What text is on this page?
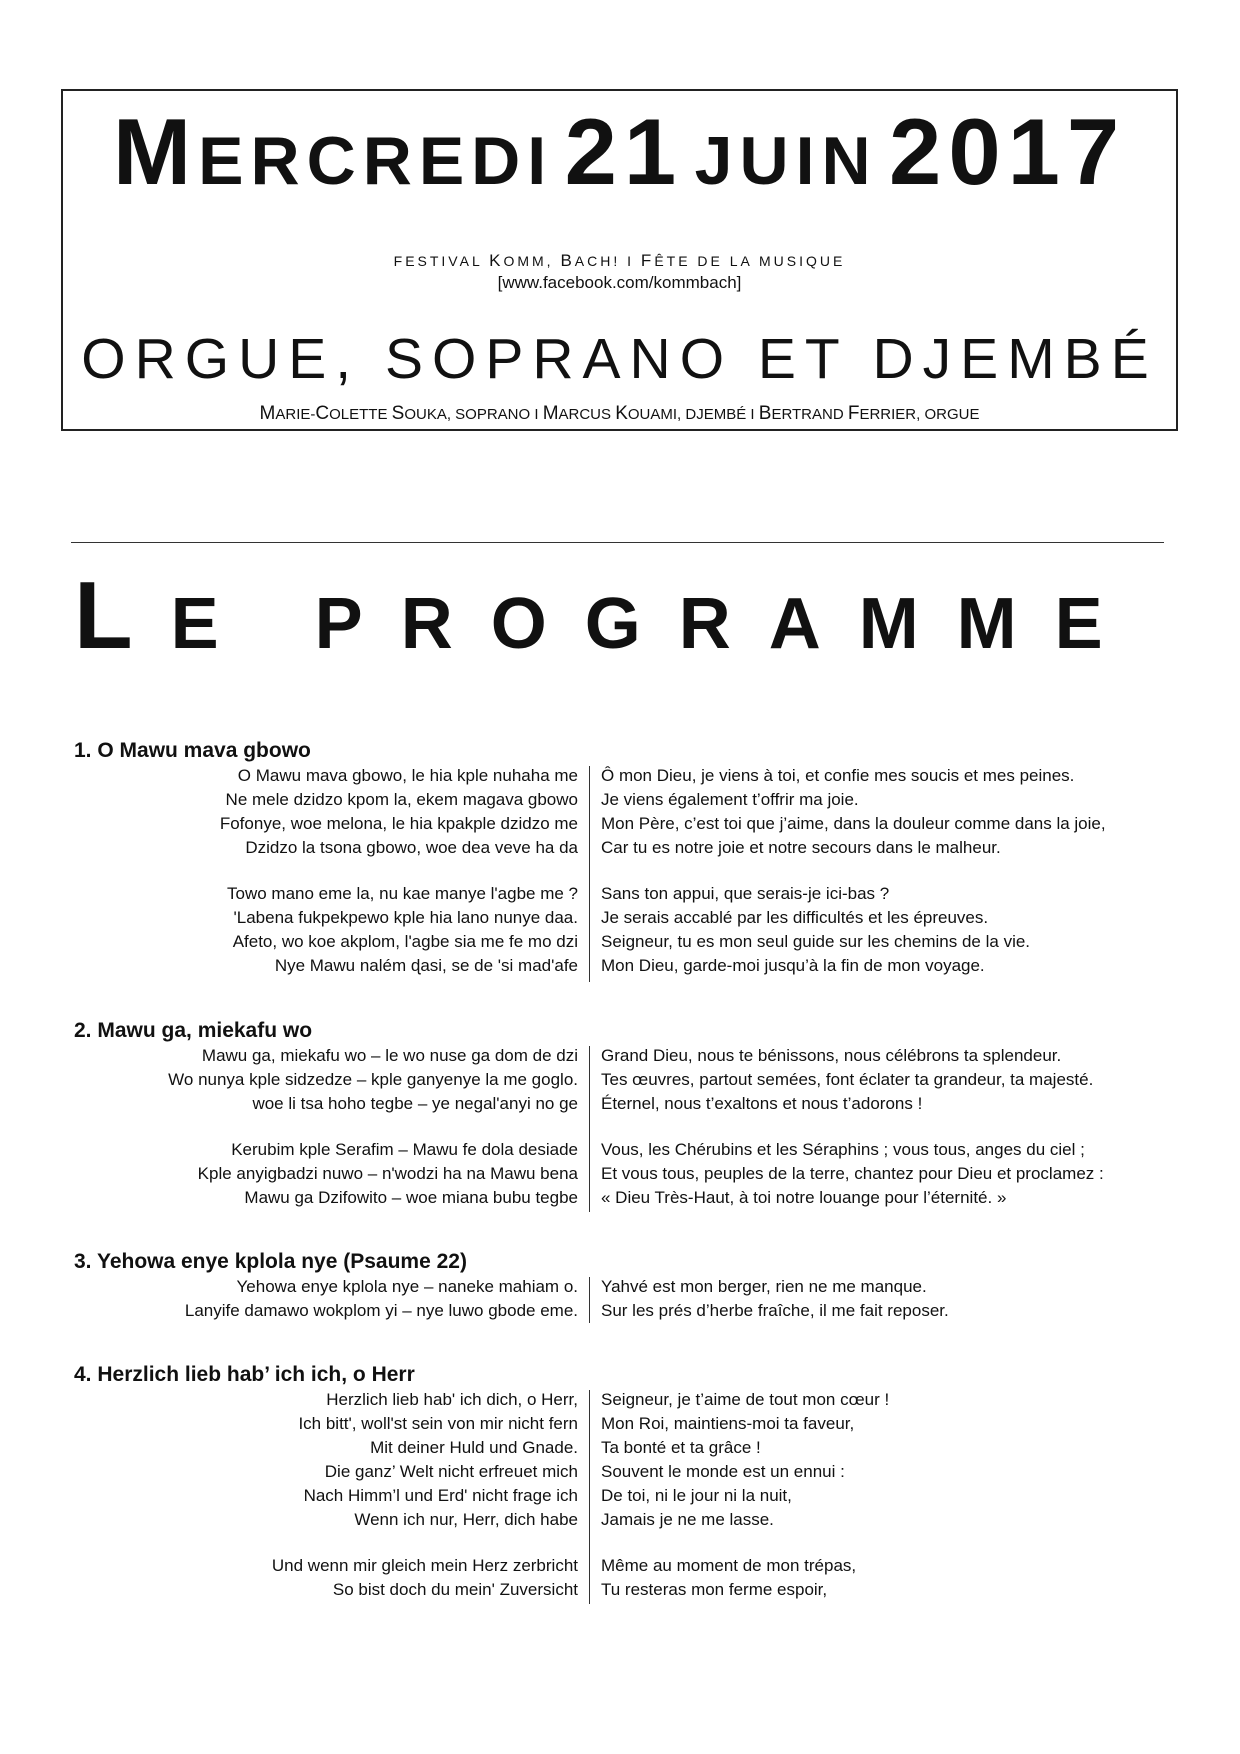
MERCREDI 21 JUIN 2017
FESTIVAL KOMM, BACH! I FÊTE DE LA MUSIQUE
[www.facebook.com/kommbach]
ORGUE, SOPRANO ET DJEMBÉ
MARIE-COLETTE SOUKA, SOPRANO I MARCUS KOUAMI, DJEMBÉ I BERTRAND FERRIER, ORGUE
LE PROGRAMME
1. O Mawu mava gbowo
O Mawu mava gbowo, le hia kple nuhaha me Ô mon Dieu, je viens à toi, et confie mes soucis et mes peines.
Ne mele dzidzo kpom la, ekem magava gbowo Je viens également t’offrir ma joie.
Fofonye, woe melona, le hia kpakple dzidzo me Mon Père, c’est toi que j’aime, dans la douleur comme dans la joie,
Dzidzo la tsona gbowo, woe dea veve ha da Car tu es notre joie et notre secours dans le malheur.
Towo mano eme la, nu kae manye l'agbe me ? Sans ton appui, que serais-je ici-bas ?
'Labena fukpekpewo kple hia lano nunye daa. Je serais accablé par les difficultés et les épreuves.
Afeto, wo koe akplom, l'agbe sia me fe mo dzi Seigneur, tu es mon seul guide sur les chemins de la vie.
Nye Mawu nalém ɖasi, se de 'si mad'afe Mon Dieu, garde-moi jusqu’à la fin de mon voyage.
2. Mawu ga, miekafu wo
Mawu ga, miekafu wo – le wo nuse ga dom de dzi Grand Dieu, nous te bénissons, nous célébrons ta splendeur.
Wo nunya kple sidzedze – kple ganyenye la me goglo. Tes œuvres, partout semées, font éclater ta grandeur, ta majesté.
woe li tsa hoho tegbe – ye negal'anyi no ge Éternel, nous t’exaltons et nous t’adorons !
Kerubim kple Serafim – Mawu fe dola desiade Vous, les Chérubins et les Séraphins ; vous tous, anges du ciel ;
Kple anyigbadzi nuwo – n'wodzi ha na Mawu bena Et vous tous, peuples de la terre, chantez pour Dieu et proclamez :
Mawu ga Dzifowito – woe miana bubu tegbe « Dieu Très-Haut, à toi notre louange pour l’éternité. »
3. Yehowa enye kplola nye (Psaume 22)
Yehowa enye kplola nye – naneke mahiam o. Yahvé est mon berger, rien ne me manque.
Lanyife damawo wokplom yi – nye luwo gbode eme. Sur les prés d’herbe fraîche, il me fait reposer.
4. Herzlich lieb hab’ ich ich, o Herr
Herzlich lieb hab' ich dich, o Herr, Seigneur, je t’aime de tout mon cœur !
Ich bitt', woll'st sein von mir nicht fern Mon Roi, maintiens-moi ta faveur,
Mit deiner Huld und Gnade. Ta bonté et ta grâce !
Die ganz’ Welt nicht erfreuet mich Souvent le monde est un ennui :
Nach Himm’l und Erd' nicht frage ich De toi, ni le jour ni la nuit,
Wenn ich nur, Herr, dich habe Jamais je ne me lasse.
Und wenn mir gleich mein Herz zerbricht Même au moment de mon trépas,
So bist doch du mein' Zuversicht Tu resteras mon ferme espoir,
